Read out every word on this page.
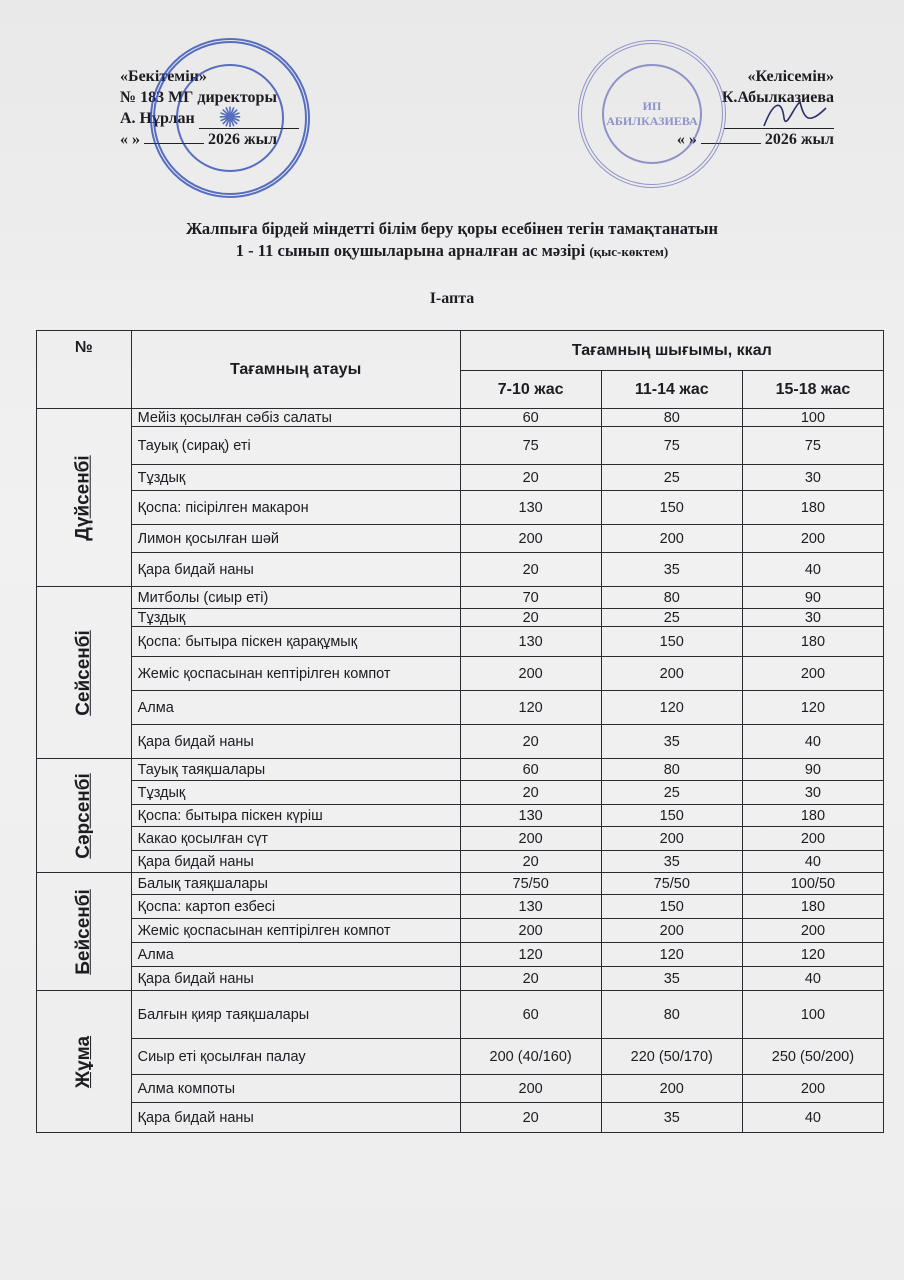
«Бекітемін»
№ 183 МГ директоры
А. Нұрлан
« »	2026 жыл
✺
«Келісемін»
К.Абылказиева
« »	2026 жыл
ИП АБИЛКАЗИЕВА
Жалпыға бірдей міндетті білім беру қоры есебінен тегін тамақтанатын
1 - 11 сынып оқушыларына арналған ас мәзірі (қыс-көктем)
I-апта
№	Тағамның атауы	Тағамның шығымы, ккал		
		7-10 жас	11-14 жас	15-18 жас
Дүйсенбі	Мейіз қосылған сәбіз салаты	60	80	100
	Тауық (сирақ) еті	75	75	75
	Тұздық	20	25	30
	Қоспа: пісірілген макарон	130	150	180
	Лимон қосылған шәй	200	200	200
	Қара бидай наны	20	35	40
Сейсенбі	Митболы (сиыр еті)	70	80	90
	Тұздық	20	25	30
	Қоспа: бытыра піскен қарақұмық	130	150	180
	Жеміс қоспасынан кептірілген компот	200	200	200
	Алма	120	120	120
	Қара бидай наны	20	35	40
Сәрсенбі	Тауық таяқшалары	60	80	90
	Тұздық	20	25	30
	Қоспа: бытыра піскен күріш	130	150	180
	Какао қосылған сүт	200	200	200
	Қара бидай наны	20	35	40
Бейсенбі	Балық таяқшалары	75/50	75/50	100/50
	Қоспа: картоп езбесі	130	150	180
	Жеміс қоспасынан кептірілген компот	200	200	200
	Алма	120	120	120
	Қара бидай наны	20	35	40
Жұма	Балғын қияр таяқшалары	60	80	100
	Сиыр еті қосылған палау	200 (40/160)	220 (50/170)	250 (50/200)
	Алма компоты	200	200	200
	Қара бидай наны	20	35	40
